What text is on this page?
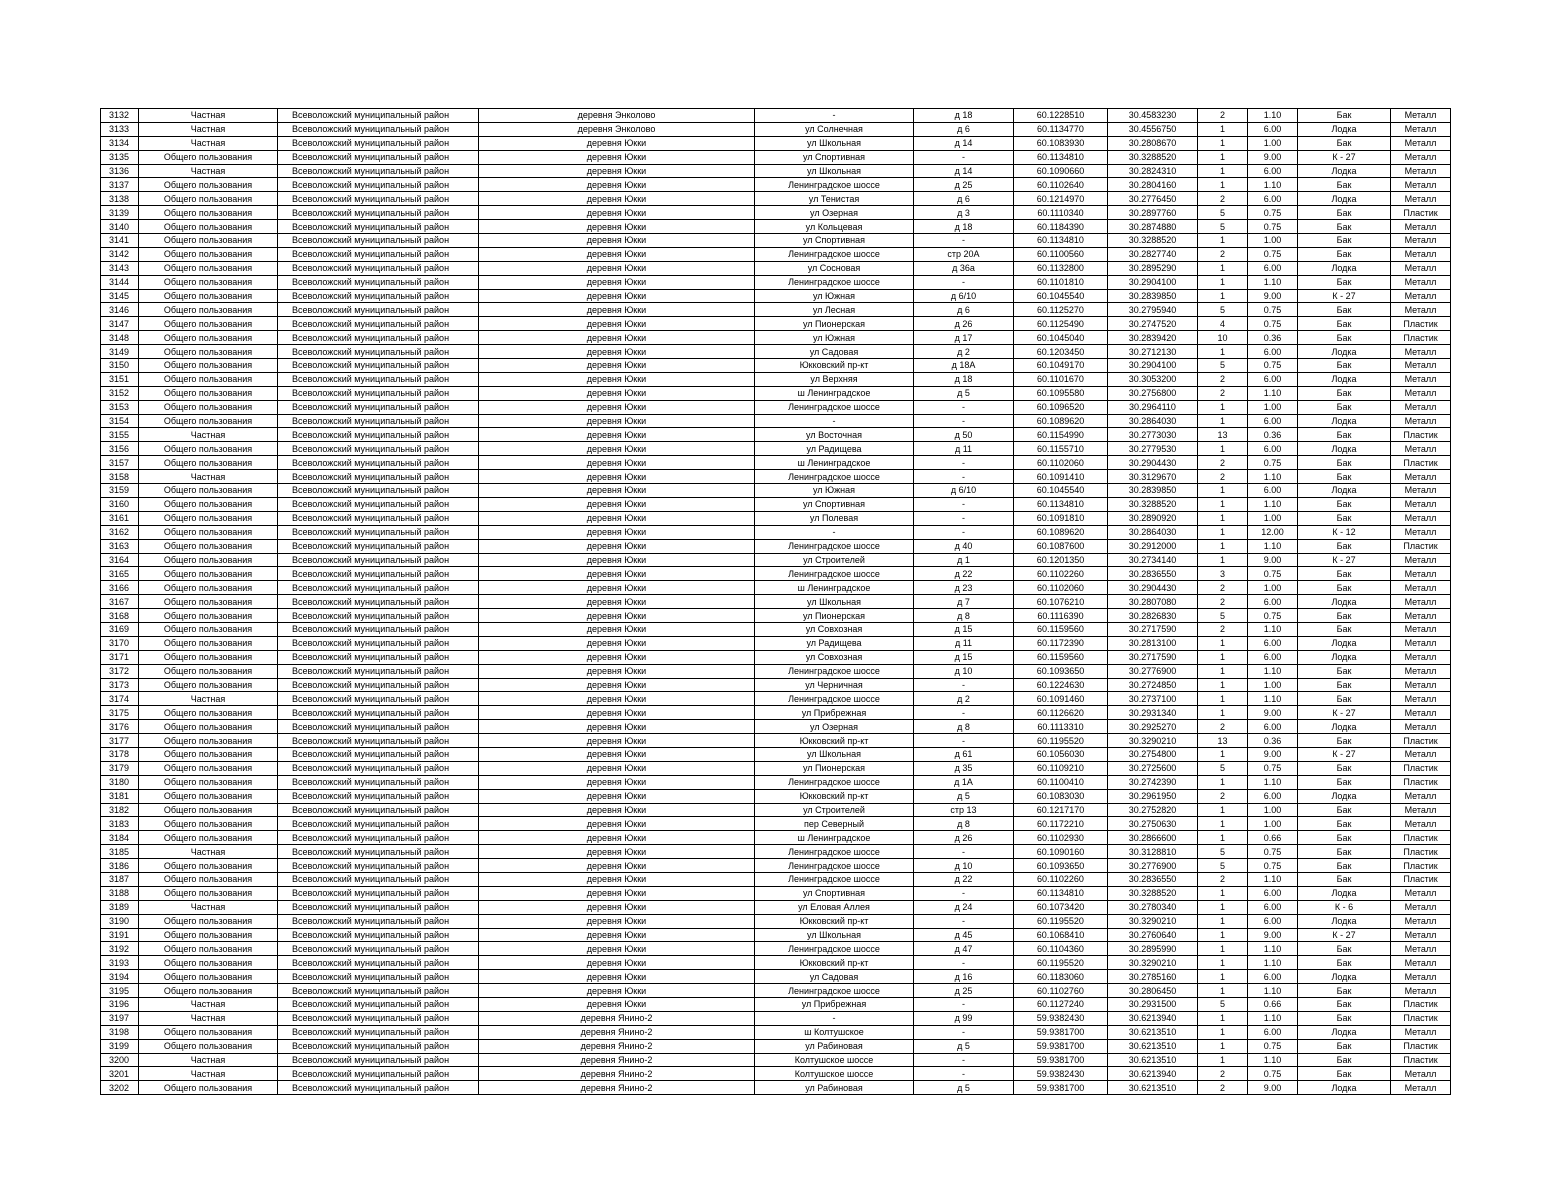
3132	Частная	Всеволожский муниципальный район	деревня Энколово	-	д 18	60.1228510	30.4583230	2	1.10	Бак	Металл
3133	Частная	Всеволожский муниципальный район	деревня Энколово	ул Солнечная	д 6	60.1134770	30.4556750	1	6.00	Лодка	Металл
3134	Частная	Всеволожский муниципальный район	деревня Юкки	ул Школьная	д 14	60.1083930	30.2808670	1	1.00	Бак	Металл
3135	Общего пользования	Всеволожский муниципальный район	деревня Юкки	ул Спортивная	-	60.1134810	30.3288520	1	9.00	К - 27	Металл
3136	Частная	Всеволожский муниципальный район	деревня Юкки	ул Школьная	д 14	60.1090660	30.2824310	1	6.00	Лодка	Металл
3137	Общего пользования	Всеволожский муниципальный район	деревня Юкки	Ленинградское шоссе	д 25	60.1102640	30.2804160	1	1.10	Бак	Металл
3138	Общего пользования	Всеволожский муниципальный район	деревня Юкки	ул Тенистая	д 6	60.1214970	30.2776450	2	6.00	Лодка	Металл
3139	Общего пользования	Всеволожский муниципальный район	деревня Юкки	ул Озерная	д 3	60.1110340	30.2897760	5	0.75	Бак	Пластик
3140	Общего пользования	Всеволожский муниципальный район	деревня Юкки	ул Кольцевая	д 18	60.1184390	30.2874880	5	0.75	Бак	Металл
3141	Общего пользования	Всеволожский муниципальный район	деревня Юкки	ул Спортивная	-	60.1134810	30.3288520	1	1.00	Бак	Металл
3142	Общего пользования	Всеволожский муниципальный район	деревня Юкки	Ленинградское шоссе	стр 20А	60.1100560	30.2827740	2	0.75	Бак	Металл
3143	Общего пользования	Всеволожский муниципальный район	деревня Юкки	ул Сосновая	д 36а	60.1132800	30.2895290	1	6.00	Лодка	Металл
3144	Общего пользования	Всеволожский муниципальный район	деревня Юкки	Ленинградское шоссе	-	60.1101810	30.2904100	1	1.10	Бак	Металл
3145	Общего пользования	Всеволожский муниципальный район	деревня Юкки	ул Южная	д 6/10	60.1045540	30.2839850	1	9.00	К - 27	Металл
3146	Общего пользования	Всеволожский муниципальный район	деревня Юкки	ул Лесная	д 6	60.1125270	30.2795940	5	0.75	Бак	Металл
3147	Общего пользования	Всеволожский муниципальный район	деревня Юкки	ул Пионерская	д 26	60.1125490	30.2747520	4	0.75	Бак	Пластик
3148	Общего пользования	Всеволожский муниципальный район	деревня Юкки	ул Южная	д 17	60.1045040	30.2839420	10	0.36	Бак	Пластик
3149	Общего пользования	Всеволожский муниципальный район	деревня Юкки	ул Садовая	д 2	60.1203450	30.2712130	1	6.00	Лодка	Металл
3150	Общего пользования	Всеволожский муниципальный район	деревня Юкки	Юкковский пр-кт	д 18А	60.1049170	30.2904100	5	0.75	Бак	Металл
3151	Общего пользования	Всеволожский муниципальный район	деревня Юкки	ул Верхняя	д 18	60.1101670	30.3053200	2	6.00	Лодка	Металл
3152	Общего пользования	Всеволожский муниципальный район	деревня Юкки	ш Ленинградское	д 5	60.1095580	30.2756800	2	1.10	Бак	Металл
3153	Общего пользования	Всеволожский муниципальный район	деревня Юкки	Ленинградское шоссе	-	60.1096520	30.2964110	1	1.00	Бак	Металл
3154	Общего пользования	Всеволожский муниципальный район	деревня Юкки	-	-	60.1089620	30.2864030	1	6.00	Лодка	Металл
3155	Частная	Всеволожский муниципальный район	деревня Юкки	ул Восточная	д 50	60.1154990	30.2773030	13	0.36	Бак	Пластик
3156	Общего пользования	Всеволожский муниципальный район	деревня Юкки	ул Радищева	д 11	60.1155710	30.2779530	1	6.00	Лодка	Металл
3157	Общего пользования	Всеволожский муниципальный район	деревня Юкки	ш Ленинградское	-	60.1102060	30.2904430	2	0.75	Бак	Пластик
3158	Частная	Всеволожский муниципальный район	деревня Юкки	Ленинградское шоссе	-	60.1091410	30.3129670	2	1.10	Бак	Металл
3159	Общего пользования	Всеволожский муниципальный район	деревня Юкки	ул Южная	д 6/10	60.1045540	30.2839850	1	6.00	Лодка	Металл
3160	Общего пользования	Всеволожский муниципальный район	деревня Юкки	ул Спортивная	-	60.1134810	30.3288520	1	1.10	Бак	Металл
3161	Общего пользования	Всеволожский муниципальный район	деревня Юкки	ул Полевая	-	60.1091810	30.2890920	1	1.00	Бак	Металл
3162	Общего пользования	Всеволожский муниципальный район	деревня Юкки	-	-	60.1089620	30.2864030	1	12.00	К - 12	Металл
3163	Общего пользования	Всеволожский муниципальный район	деревня Юкки	Ленинградское шоссе	д 40	60.1087600	30.2912000	1	1.10	Бак	Пластик
3164	Общего пользования	Всеволожский муниципальный район	деревня Юкки	ул Строителей	д 1	60.1201350	30.2734140	1	9.00	К - 27	Металл
3165	Общего пользования	Всеволожский муниципальный район	деревня Юкки	Ленинградское шоссе	д 22	60.1102260	30.2836550	3	0.75	Бак	Металл
3166	Общего пользования	Всеволожский муниципальный район	деревня Юкки	ш Ленинградское	д 23	60.1102060	30.2904430	2	1.00	Бак	Металл
3167	Общего пользования	Всеволожский муниципальный район	деревня Юкки	ул Школьная	д 7	60.1076210	30.2807080	2	6.00	Лодка	Металл
3168	Общего пользования	Всеволожский муниципальный район	деревня Юкки	ул Пионерская	д 8	60.1116390	30.2826830	5	0.75	Бак	Металл
3169	Общего пользования	Всеволожский муниципальный район	деревня Юкки	ул Совхозная	д 15	60.1159560	30.2717590	2	1.10	Бак	Металл
3170	Общего пользования	Всеволожский муниципальный район	деревня Юкки	ул Радищева	д 11	60.1172390	30.2813100	1	6.00	Лодка	Металл
3171	Общего пользования	Всеволожский муниципальный район	деревня Юкки	ул Совхозная	д 15	60.1159560	30.2717590	1	6.00	Лодка	Металл
3172	Общего пользования	Всеволожский муниципальный район	деревня Юкки	Ленинградское шоссе	д 10	60.1093650	30.2776900	1	1.10	Бак	Металл
3173	Общего пользования	Всеволожский муниципальный район	деревня Юкки	ул Черничная	-	60.1224630	30.2724850	1	1.00	Бак	Металл
3174	Частная	Всеволожский муниципальный район	деревня Юкки	Ленинградское шоссе	д 2	60.1091460	30.2737100	1	1.10	Бак	Металл
3175	Общего пользования	Всеволожский муниципальный район	деревня Юкки	ул Прибрежная	-	60.1126620	30.2931340	1	9.00	К - 27	Металл
3176	Общего пользования	Всеволожский муниципальный район	деревня Юкки	ул Озерная	д 8	60.1113310	30.2925270	2	6.00	Лодка	Металл
3177	Общего пользования	Всеволожский муниципальный район	деревня Юкки	Юкковский пр-кт	-	60.1195520	30.3290210	13	0.36	Бак	Пластик
3178	Общего пользования	Всеволожский муниципальный район	деревня Юкки	ул Школьная	д 61	60.1056030	30.2754800	1	9.00	К - 27	Металл
3179	Общего пользования	Всеволожский муниципальный район	деревня Юкки	ул Пионерская	д 35	60.1109210	30.2725600	5	0.75	Бак	Пластик
3180	Общего пользования	Всеволожский муниципальный район	деревня Юкки	Ленинградское шоссе	д 1А	60.1100410	30.2742390	1	1.10	Бак	Пластик
3181	Общего пользования	Всеволожский муниципальный район	деревня Юкки	Юкковский пр-кт	д 5	60.1083030	30.2961950	2	6.00	Лодка	Металл
3182	Общего пользования	Всеволожский муниципальный район	деревня Юкки	ул Строителей	стр 13	60.1217170	30.2752820	1	1.00	Бак	Металл
3183	Общего пользования	Всеволожский муниципальный район	деревня Юкки	пер Северный	д 8	60.1172210	30.2750630	1	1.00	Бак	Металл
3184	Общего пользования	Всеволожский муниципальный район	деревня Юкки	ш Ленинградское	д 26	60.1102930	30.2866600	1	0.66	Бак	Пластик
3185	Частная	Всеволожский муниципальный район	деревня Юкки	Ленинградское шоссе	-	60.1090160	30.3128810	5	0.75	Бак	Пластик
3186	Общего пользования	Всеволожский муниципальный район	деревня Юкки	Ленинградское шоссе	д 10	60.1093650	30.2776900	5	0.75	Бак	Пластик
3187	Общего пользования	Всеволожский муниципальный район	деревня Юкки	Ленинградское шоссе	д 22	60.1102260	30.2836550	2	1.10	Бак	Пластик
3188	Общего пользования	Всеволожский муниципальный район	деревня Юкки	ул Спортивная	-	60.1134810	30.3288520	1	6.00	Лодка	Металл
3189	Частная	Всеволожский муниципальный район	деревня Юкки	ул Еловая Аллея	д 24	60.1073420	30.2780340	1	6.00	К - 6	Металл
3190	Общего пользования	Всеволожский муниципальный район	деревня Юкки	Юкковский пр-кт	-	60.1195520	30.3290210	1	6.00	Лодка	Металл
3191	Общего пользования	Всеволожский муниципальный район	деревня Юкки	ул Школьная	д 45	60.1068410	30.2760640	1	9.00	К - 27	Металл
3192	Общего пользования	Всеволожский муниципальный район	деревня Юкки	Ленинградское шоссе	д 47	60.1104360	30.2895990	1	1.10	Бак	Металл
3193	Общего пользования	Всеволожский муниципальный район	деревня Юкки	Юкковский пр-кт	-	60.1195520	30.3290210	1	1.10	Бак	Металл
3194	Общего пользования	Всеволожский муниципальный район	деревня Юкки	ул Садовая	д 16	60.1183060	30.2785160	1	6.00	Лодка	Металл
3195	Общего пользования	Всеволожский муниципальный район	деревня Юкки	Ленинградское шоссе	д 25	60.1102760	30.2806450	1	1.10	Бак	Металл
3196	Частная	Всеволожский муниципальный район	деревня Юкки	ул Прибрежная	-	60.1127240	30.2931500	5	0.66	Бак	Пластик
3197	Частная	Всеволожский муниципальный район	деревня Янино-2	-	д 99	59.9382430	30.6213940	1	1.10	Бак	Пластик
3198	Общего пользования	Всеволожский муниципальный район	деревня Янино-2	ш Колтушское	-	59.9381700	30.6213510	1	6.00	Лодка	Металл
3199	Общего пользования	Всеволожский муниципальный район	деревня Янино-2	ул Рабиновая	д 5	59.9381700	30.6213510	1	0.75	Бак	Пластик
3200	Частная	Всеволожский муниципальный район	деревня Янино-2	Колтушское шоссе	-	59.9381700	30.6213510	1	1.10	Бак	Пластик
3201	Частная	Всеволожский муниципальный район	деревня Янино-2	Колтушское шоссе	-	59.9382430	30.6213940	2	0.75	Бак	Металл
3202	Общего пользования	Всеволожский муниципальный район	деревня Янино-2	ул Рабиновая	д 5	59.9381700	30.6213510	2	9.00	Лодка	Металл
